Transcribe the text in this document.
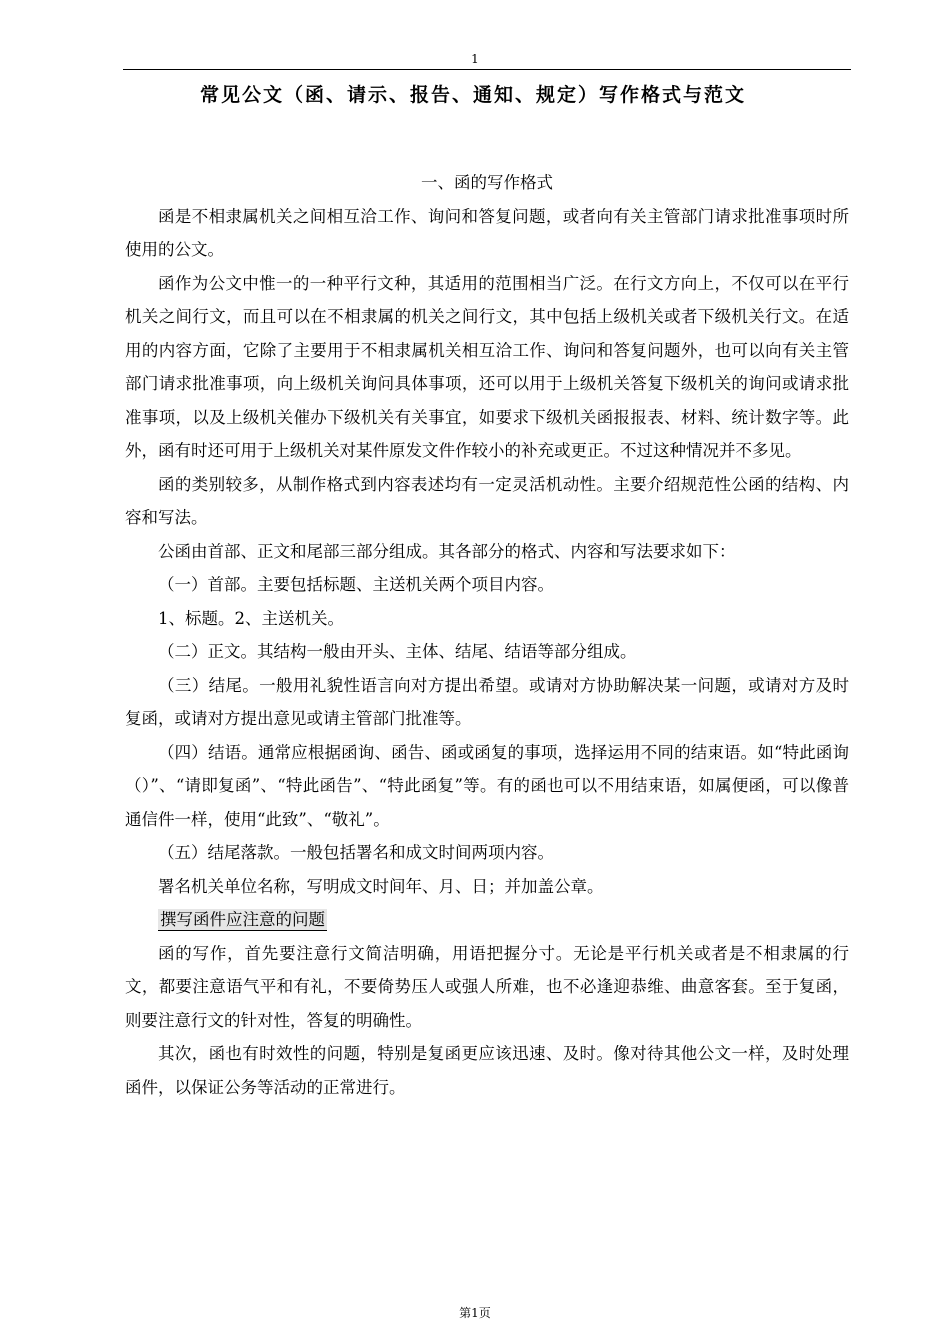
1
常见公文（函、请示、报告、通知、规定）写作格式与范文

一、函的写作格式

函是不相隶属机关之间相互洽工作、询问和答复问题，或者向有关主管部门请求批准事项时所使用的公文。

函作为公文中惟一的一种平行文种，其适用的范围相当广泛。在行文方向上，不仅可以在平行机关之间行文，而且可以在不相隶属的机关之间行文，其中包括上级机关或者下级机关行文。在适用的内容方面，它除了主要用于不相隶属机关相互洽工作、询问和答复问题外，也可以向有关主管部门请求批准事项，向上级机关询问具体事项，还可以用于上级机关答复下级机关的询问或请求批准事项，以及上级机关催办下级机关有关事宜，如要求下级机关函报报表、材料、统计数字等。此外，函有时还可用于上级机关对某件原发文件作较小的补充或更正。不过这种情况并不多见。

函的类别较多，从制作格式到内容表述均有一定灵活机动性。主要介绍规范性公函的结构、内容和写法。

公函由首部、正文和尾部三部分组成。其各部分的格式、内容和写法要求如下：

（一）首部。主要包括标题、主送机关两个项目内容。

1、标题。2、主送机关。

（二）正文。其结构一般由开头、主体、结尾、结语等部分组成。

（三）结尾。一般用礼貌性语言向对方提出希望。或请对方协助解决某一问题，或请对方及时复函，或请对方提出意见或请主管部门批准等。

（四）结语。通常应根据函询、函告、函或函复的事项，选择运用不同的结束语。如“特此函询（）”、“请即复函”、“特此函告”、“特此函复”等。有的函也可以不用结束语，如属便函，可以像普通信件一样，使用“此致”、“敬礼”。

（五）结尾落款。一般包括署名和成文时间两项内容。

署名机关单位名称，写明成文时间年、月、日；并加盖公章。

撰写函件应注意的问题

函的写作，首先要注意行文简洁明确，用语把握分寸。无论是平行机关或者是不相隶属的行文，都要注意语气平和有礼，不要倚势压人或强人所难，也不必逢迎恭维、曲意客套。至于复函，则要注意行文的针对性，答复的明确性。

其次，函也有时效性的问题，特别是复函更应该迅速、及时。像对待其他公文一样，及时处理函件，以保证公务等活动的正常进行。

第1页
